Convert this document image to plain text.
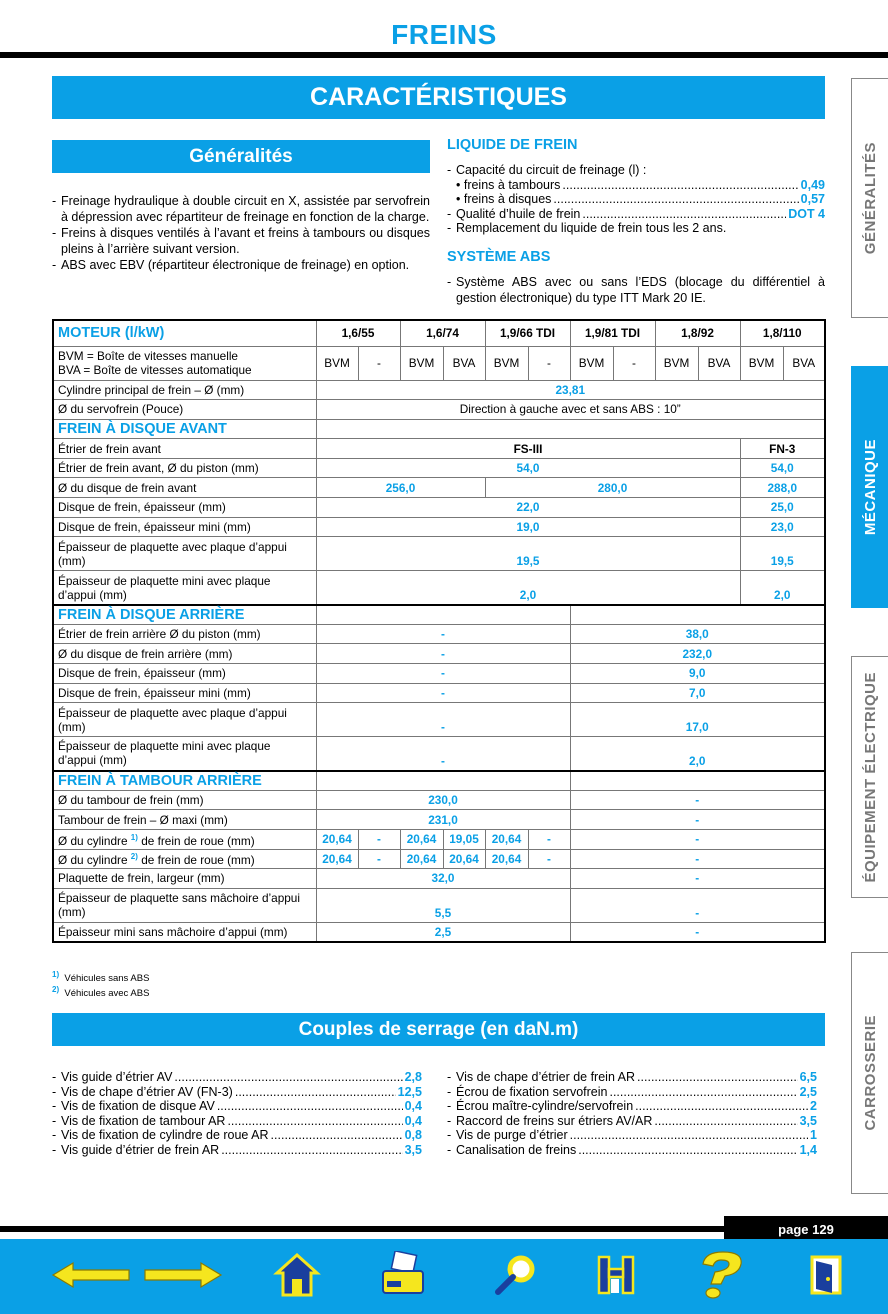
FREINS
CARACTÉRISTIQUES
GÉNÉRALITÉS
MÉCANIQUE
ÉQUIPEMENT ÉLECTRIQUE
CARROSSERIE
Généralités
- Freinage hydraulique à double circuit en X, assistée par servofrein à dépression avec répartiteur de freinage en fonction de la charge.
- Freins à disques ventilés à l’avant et freins à tambours ou disques pleins à l’arrière suivant version.
- ABS avec EBV (répartiteur électronique de freinage) en option.
LIQUIDE DE FREIN
- Capacité du circuit de freinage (l) :
• freins à tambours .....	0,49
• freins à disques .....	0,57
- Qualité d’huile de frein .....	DOT 4
- Remplacement du liquide de frein tous les 2 ans.
SYSTÈME ABS
- Système ABS avec ou sans l’EDS (blocage du différentiel à gestion électronique) du type ITT Mark 20 IE.
MOTEUR (l/kW)	1,6/55		1,6/74		1,9/66 TDI		1,9/81 TDI		1,8/92		1,8/110	

BVM = Boîte de vitesses manuelle
BVA = Boîte de vitesses automatique	BVM	-	BVM	BVA	BVM	-	BVM	-	BVM	BVA	BVM	BVA
Cylindre principal de frein – Ø (mm)	23,81											
Ø du servofrein (Pouce)	Direction à gauche avec et sans ABS : 10”											
FREIN À DISQUE AVANT												
Étrier de frein avant	FS-III										FN-3	
Étrier de frein avant, Ø du piston (mm)	54,0										54,0	
Ø du disque de frein avant	256,0				280,0						288,0	
Disque de frein, épaisseur (mm)	22,0										25,0	
Disque de frein, épaisseur mini (mm)	19,0										23,0	
Épaisseur de plaquette avec plaque d’appui (mm)	19,5										19,5	
Épaisseur de plaquette mini avec plaque d’appui (mm)	2,0										2,0	
FREIN À DISQUE ARRIÈRE												
Étrier de frein arrière Ø du piston (mm)	-						38,0					
Ø du disque de frein arrière (mm)	-						232,0					
Disque de frein, épaisseur (mm)	-						9,0					
Disque de frein, épaisseur mini (mm)	-						7,0					
Épaisseur de plaquette avec plaque d’appui (mm)	-						17,0					
Épaisseur de plaquette mini avec plaque d’appui (mm)	-						2,0					
FREIN À TAMBOUR ARRIÈRE												
Ø du tambour de frein (mm)	230,0						-					
Tambour de frein – Ø maxi (mm)	231,0						-					
Ø du cylindre $^{1)}$ de frein de roue (mm)	20,64	-	20,64	19,05	20,64	-	-					
Ø du cylindre $^{2)}$ de frein de roue (mm)	20,64	-	20,64	20,64	20,64	-	-					
Plaquette de frein, largeur (mm)	32,0						-					
Épaisseur de plaquette sans mâchoire d’appui (mm)	5,5						-					
Épaisseur mini sans mâchoire d’appui (mm)	2,5						-					
$^{1)}$ Véhicules sans ABS
$^{2)}$ Véhicules avec ABS
Couples de serrage (en daN.m)
- Vis guide d’étrier AV .....	2,8
- Vis de chape d’étrier AV (FN-3) .....	12,5
- Vis de fixation de disque AV .....	0,4
- Vis de fixation de tambour AR .....	0,4
- Vis de fixation de cylindre de roue AR .....	0,8
- Vis guide d’étrier de frein AR .....	3,5
- Vis de chape d’étrier de frein AR .....	6,5
- Écrou de fixation servofrein .....	2,5
- Écrou maître-cylindre/servofrein .....	2
- Raccord de freins sur étriers AV/AR .....	3,5
- Vis de purge d’étrier .....	1
- Canalisation de freins .....	1,4
page 129
